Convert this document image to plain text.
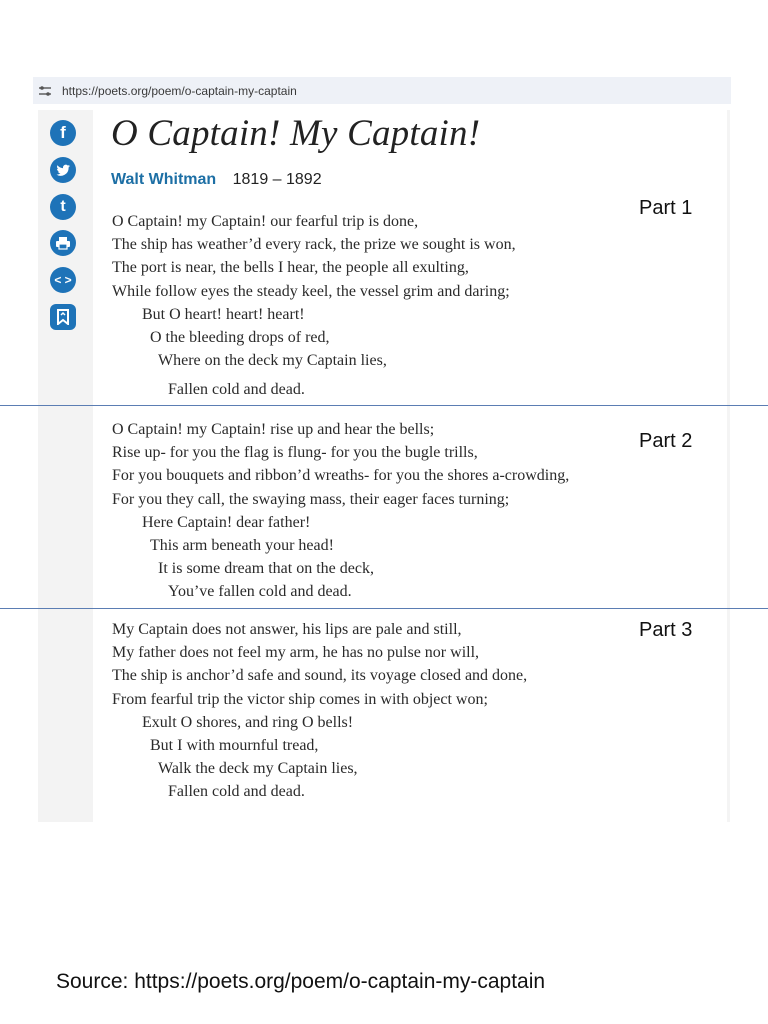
https://poets.org/poem/o-captain-my-captain
f
t
< >
O Captain! My Captain!
Walt Whitman 1819 – 1892
O Captain! my Captain! our fearful trip is done,
The ship has weather’d every rack, the prize we sought is won,
The port is near, the bells I hear, the people all exulting,
While follow eyes the steady keel, the vessel grim and daring;
But O heart! heart! heart!
O the bleeding drops of red,
Where on the deck my Captain lies,
Fallen cold and dead.
Part 1
O Captain! my Captain! rise up and hear the bells;
Rise up- for you the flag is flung- for you the bugle trills,
For you bouquets and ribbon’d wreaths- for you the shores a-crowding,
For you they call, the swaying mass, their eager faces turning;
Here Captain! dear father!
This arm beneath your head!
It is some dream that on the deck,
You’ve fallen cold and dead.
Part 2
My Captain does not answer, his lips are pale and still,
My father does not feel my arm, he has no pulse nor will,
The ship is anchor’d safe and sound, its voyage closed and done,
From fearful trip the victor ship comes in with object won;
Exult O shores, and ring O bells!
But I with mournful tread,
Walk the deck my Captain lies,
Fallen cold and dead.
Part 3
Source: https://poets.org/poem/o-captain-my-captain
